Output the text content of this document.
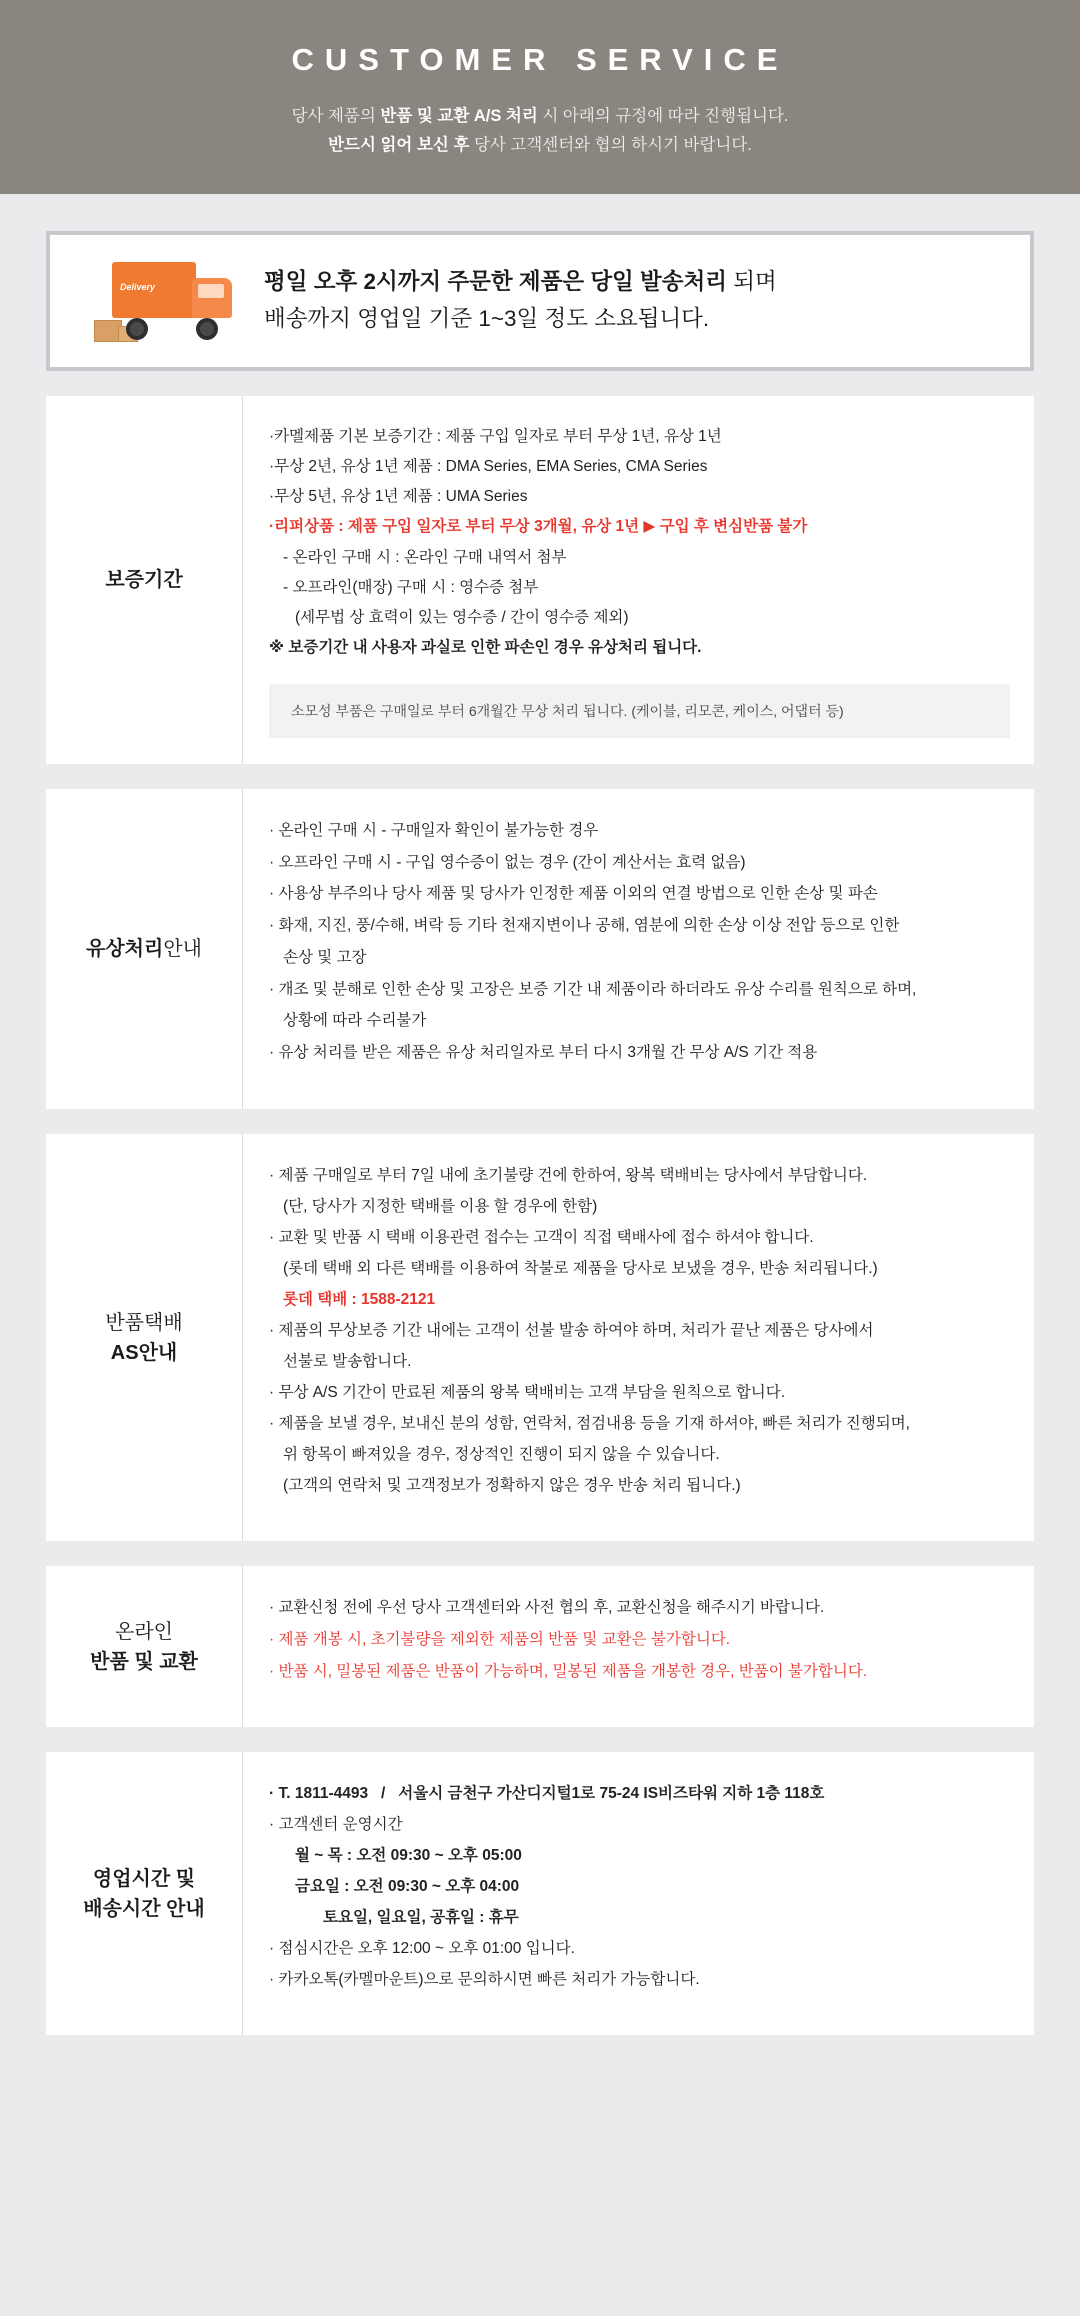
CUSTOMER SERVICE
당사 제품의 반품 및 교환 A/S 처리 시 아래의 규정에 따라 진행됩니다.
반드시 읽어 보신 후 당사 고객센터와 협의 하시기 바랍니다.
Delivery	평일 오후 2시까지 주문한 제품은 당일 발송처리 되며
배송까지 영업일 기준 1~3일 정도 소요됩니다.
보증기간
·카멜제품 기본 보증기간 : 제품 구입 일자로 부터 무상 1년, 유상 1년
·무상 2년, 유상 1년 제품 : DMA Series, EMA Series, CMA Series
·무상 5년, 유상 1년 제품 : UMA Series
·리퍼상품 : 제품 구입 일자로 부터 무상 3개월, 유상 1년 ▶ 구입 후 변심반품 불가
- 온라인 구매 시 : 온라인 구매 내역서 첨부
- 오프라인(매장) 구매 시 : 영수증 첨부
(세무법 상 효력이 있는 영수증 / 간이 영수증 제외)
※ 보증기간 내 사용자 과실로 인한 파손인 경우 유상처리 됩니다.
소모성 부품은 구매일로 부터 6개월간 무상 처리 됩니다. (케이블, 리모콘, 케이스, 어댑터 등)
유상처리 안내
· 온라인 구매 시 - 구매일자 확인이 불가능한 경우
· 오프라인 구매 시 - 구입 영수증이 없는 경우 (간이 계산서는 효력 없음)
· 사용상 부주의나 당사 제품 및 당사가 인정한 제품 이외의 연결 방법으로 인한 손상 및 파손
· 화재, 지진, 풍/수해, 벼락 등 기타 천재지변이나 공해, 염분에 의한 손상 이상 전압 등으로 인한
손상 및 고장
· 개조 및 분해로 인한 손상 및 고장은 보증 기간 내 제품이라 하더라도 유상 수리를 원칙으로 하며,
상황에 따라 수리불가
· 유상 처리를 받은 제품은 유상 처리일자로 부터 다시 3개월 간 무상 A/S 기간 적용
반품택배
AS안내
· 제품 구매일로 부터 7일 내에 초기불량 건에 한하여, 왕복 택배비는 당사에서 부담합니다.
(단, 당사가 지정한 택배를 이용 할 경우에 한함)
· 교환 및 반품 시 택배 이용관련 접수는 고객이 직접 택배사에 접수 하셔야 합니다.
(롯데 택배 외 다른 택배를 이용하여 착불로 제품을 당사로 보냈을 경우, 반송 처리됩니다.)
롯데 택배 : 1588-2121
· 제품의 무상보증 기간 내에는 고객이 선불 발송 하여야 하며, 처리가 끝난 제품은 당사에서
선불로 발송합니다.
· 무상 A/S 기간이 만료된 제품의 왕복 택배비는 고객 부담을 원칙으로 합니다.
· 제품을 보낼 경우, 보내신 분의 성함, 연락처, 점검내용 등을 기재 하셔야, 빠른 처리가 진행되며,
위 항목이 빠져있을 경우, 정상적인 진행이 되지 않을 수 있습니다.
(고객의 연락처 및 고객정보가 정확하지 않은 경우 반송 처리 됩니다.)
온라인
반품 및 교환
· 교환신청 전에 우선 당사 고객센터와 사전 협의 후, 교환신청을 해주시기 바랍니다.
· 제품 개봉 시, 초기불량을 제외한 제품의 반품 및 교환은 불가합니다.
· 반품 시, 밀봉된 제품은 반품이 가능하며, 밀봉된 제품을 개봉한 경우, 반품이 불가합니다.
영업시간 및
배송시간 안내
· T. 1811-4493   /   서울시 금천구 가산디지털1로 75-24 IS비즈타워 지하 1층 118호
· 고객센터 운영시간
월 ~ 목 : 오전 09:30 ~ 오후 05:00
금요일 : 오전 09:30 ~ 오후 04:00
토요일, 일요일, 공휴일 : 휴무
· 점심시간은 오후 12:00 ~ 오후 01:00 입니다.
· 카카오톡(카멜마운트)으로 문의하시면 빠른 처리가 가능합니다.
